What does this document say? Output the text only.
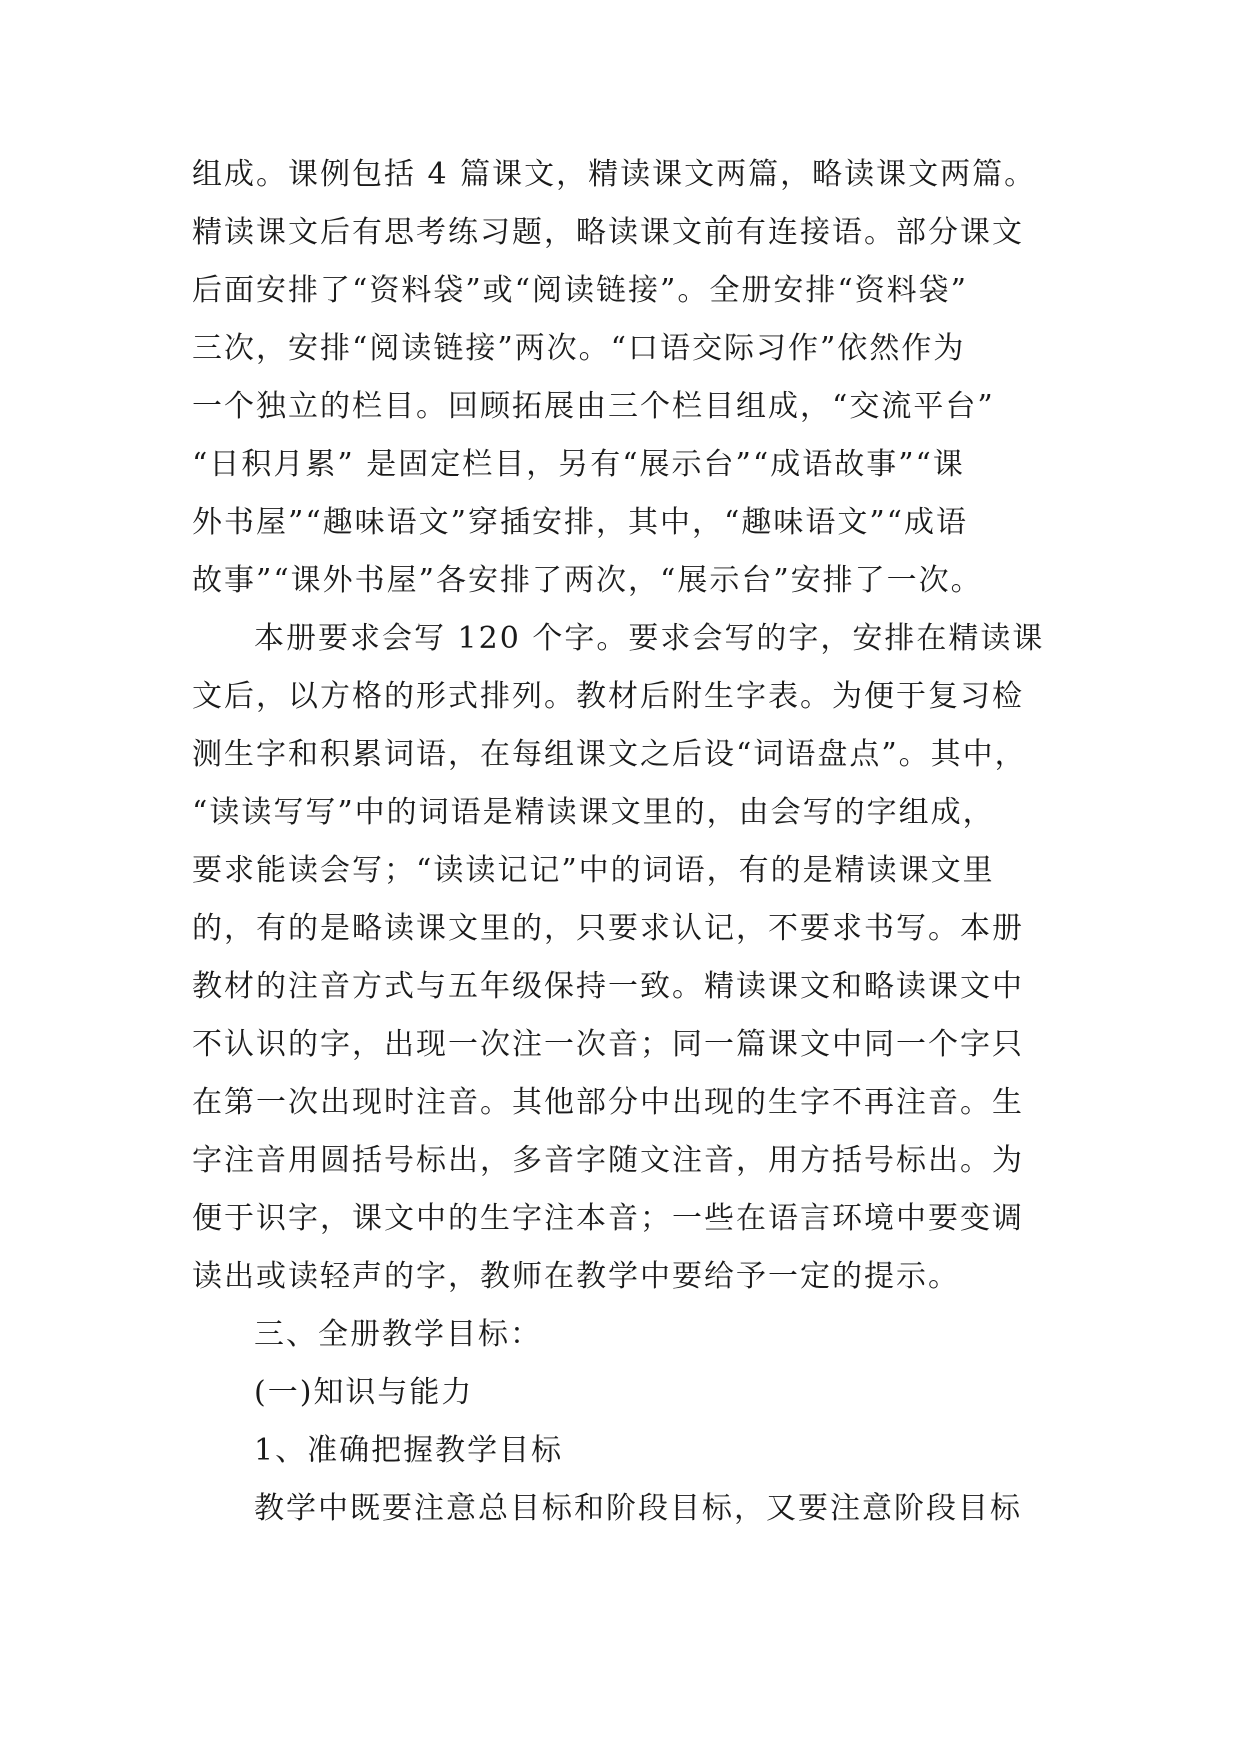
组成。课例包括 4 篇课文，精读课文两篇，略读课文两篇。
精读课文后有思考练习题，略读课文前有连接语。部分课文
后面安排了“资料袋”或“阅读链接”。全册安排“资料袋”
三次，安排“阅读链接”两次。“口语交际习作”依然作为
一个独立的栏目。回顾拓展由三个栏目组成，“交流平台”
“日积月累” 是固定栏目，另有“展示台”“成语故事”“课
外书屋”“趣味语文”穿插安排，其中，“趣味语文”“成语
故事”“课外书屋”各安排了两次，“展示台”安排了一次。
本册要求会写 120 个字。要求会写的字，安排在精读课
文后，以方格的形式排列。教材后附生字表。为便于复习检
测生字和积累词语，在每组课文之后设“词语盘点”。其中，
“读读写写”中的词语是精读课文里的，由会写的字组成，
要求能读会写；“读读记记”中的词语，有的是精读课文里
的，有的是略读课文里的，只要求认记，不要求书写。本册
教材的注音方式与五年级保持一致。精读课文和略读课文中
不认识的字，出现一次注一次音；同一篇课文中同一个字只
在第一次出现时注音。其他部分中出现的生字不再注音。生
字注音用圆括号标出，多音字随文注音，用方括号标出。为
便于识字，课文中的生字注本音；一些在语言环境中要变调
读出或读轻声的字，教师在教学中要给予一定的提示。
三、全册教学目标：
(一)知识与能力
1、准确把握教学目标
教学中既要注意总目标和阶段目标，又要注意阶段目标
